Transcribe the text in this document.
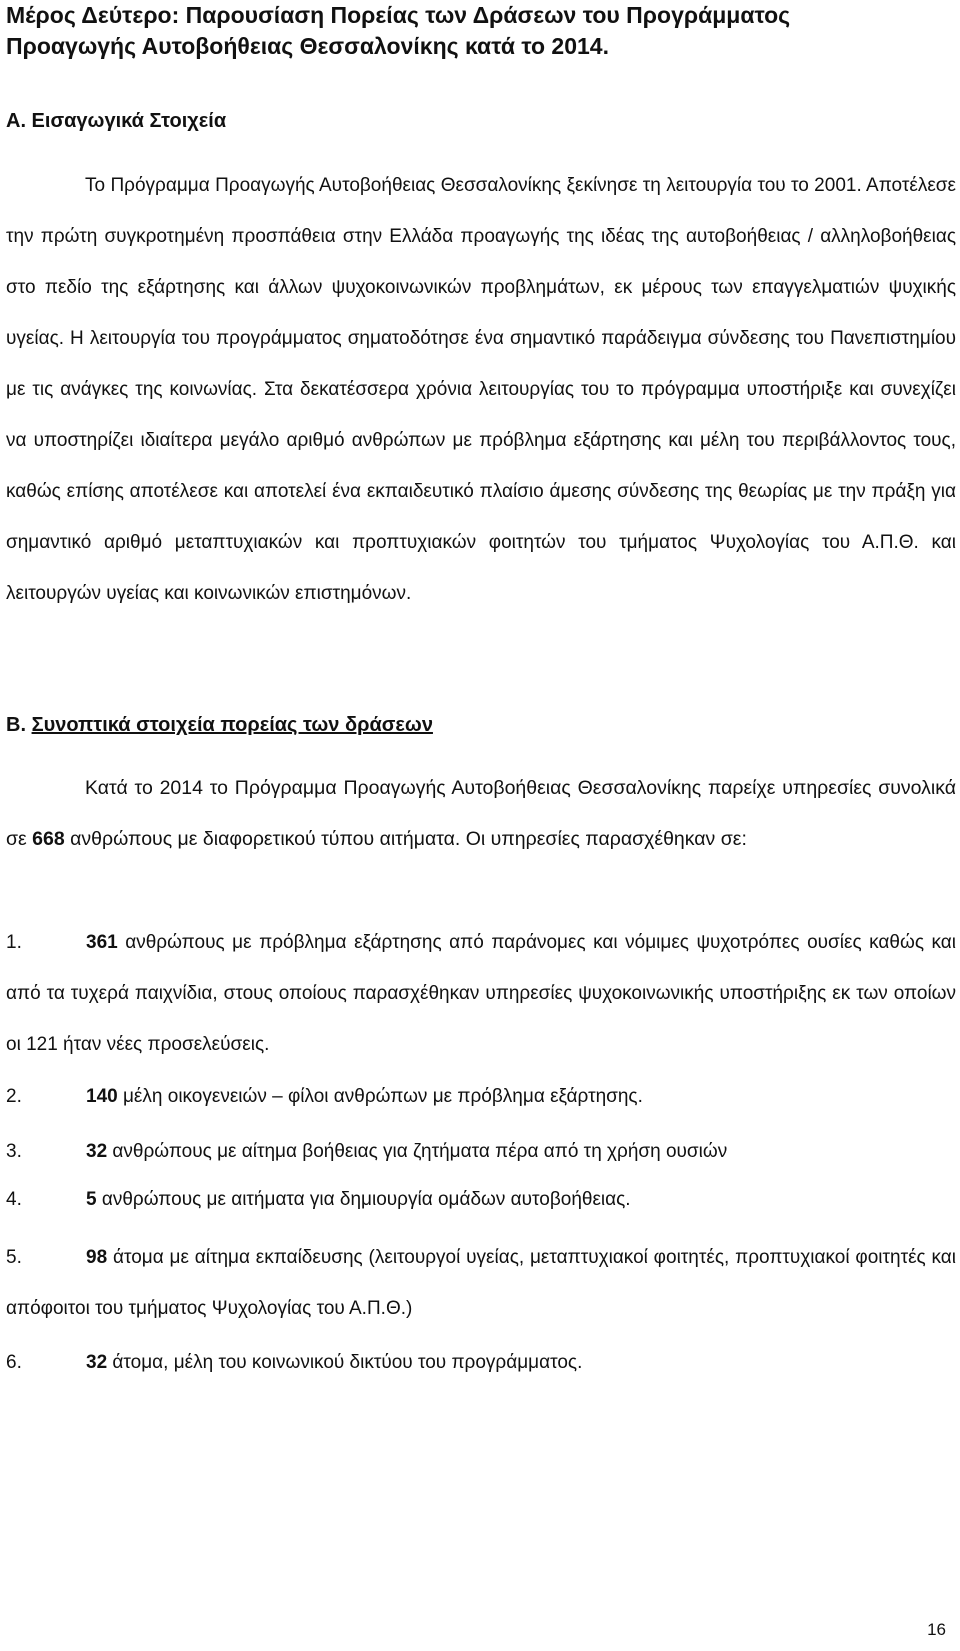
Μέρος Δεύτερο: Παρουσίαση Πορείας των Δράσεων του Προγράμματος
Προαγωγής Αυτοβοήθειας Θεσσαλονίκης κατά το 2014.
Α. Εισαγωγικά Στοιχεία

Το Πρόγραμμα Προαγωγής Αυτοβοήθειας Θεσσαλονίκης ξεκίνησε τη λειτουργία του το 2001. Αποτέλεσε την πρώτη συγκροτημένη προσπάθεια στην Ελλάδα προαγωγής της ιδέας της αυτοβοήθειας / αλληλοβοήθειας στο πεδίο της εξάρτησης και άλλων ψυχοκοινωνικών προβλημάτων, εκ μέρους των επαγγελματιών ψυχικής υγείας. Η λειτουργία του προγράμματος σηματοδότησε ένα σημαντικό παράδειγμα σύνδεσης του Πανεπιστημίου με τις ανάγκες της κοινωνίας. Στα δεκατέσσερα χρόνια λειτουργίας του το πρόγραμμα υποστήριξε και συνεχίζει να υποστηρίζει ιδιαίτερα μεγάλο αριθμό ανθρώπων με πρόβλημα εξάρτησης και μέλη του περιβάλλοντος τους, καθώς επίσης αποτέλεσε και αποτελεί ένα εκπαιδευτικό πλαίσιο άμεσης σύνδεσης της θεωρίας με την πράξη για σημαντικό αριθμό μεταπτυχιακών και προπτυχιακών φοιτητών του τμήματος Ψυχολογίας του Α.Π.Θ. και λειτουργών υγείας και κοινωνικών επιστημόνων.

Β. Συνοπτικά στοιχεία πορείας των δράσεων

Κατά το 2014 το Πρόγραμμα Προαγωγής Αυτοβοήθειας Θεσσαλονίκης παρείχε υπηρεσίες συνολικά σε 668 ανθρώπους με διαφορετικού τύπου αιτήματα. Οι υπηρεσίες παρασχέθηκαν σε:

1.	361 ανθρώπους με πρόβλημα εξάρτησης από παράνομες και νόμιμες ψυχοτρόπες ουσίες καθώς και από τα τυχερά παιχνίδια, στους οποίους παρασχέθηκαν υπηρεσίες ψυχοκοινωνικής υποστήριξης εκ των οποίων οι 121 ήταν νέες προσελεύσεις.

2.	140 μέλη οικογενειών – φίλοι ανθρώπων με πρόβλημα εξάρτησης.

3.	32 ανθρώπους με αίτημα βοήθειας για ζητήματα πέρα από τη χρήση ουσιών

4.	5 ανθρώπους με αιτήματα για δημιουργία ομάδων αυτοβοήθειας.

5.	98 άτομα με αίτημα εκπαίδευσης (λειτουργοί υγείας, μεταπτυχιακοί φοιτητές, προπτυχιακοί φοιτητές και απόφοιτοι του τμήματος Ψυχολογίας του Α.Π.Θ.)

6.	32 άτομα, μέλη του κοινωνικού δικτύου του προγράμματος.

16
